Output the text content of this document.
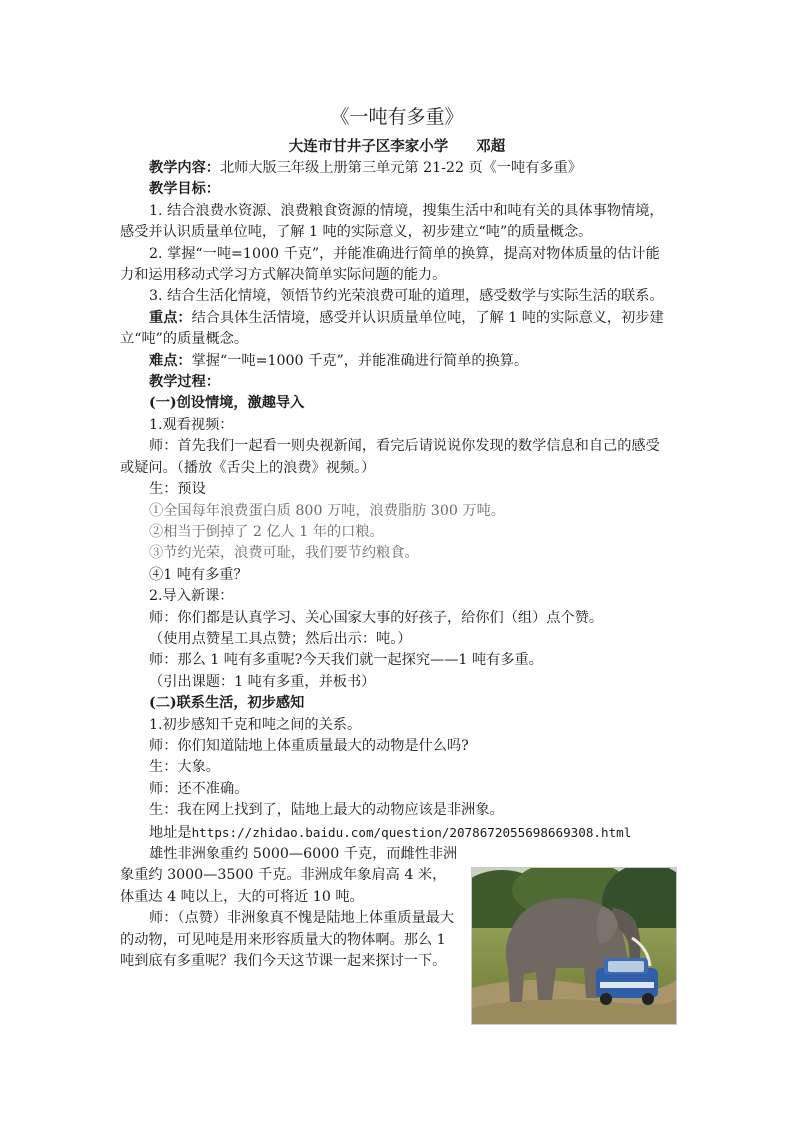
《一吨有多重》
大连市甘井子区李家小学 邓超

教学内容：北师大版三年级上册第三单元第 21-22 页《一吨有多重》

教学目标：

1. 结合浪费水资源、浪费粮食资源的情境，搜集生活中和吨有关的具体事物情境，感受并认识质量单位吨，了解 1 吨的实际意义，初步建立“吨”的质量概念。

2. 掌握“一吨=1000 千克”，并能准确进行简单的换算，提高对物体质量的估计能力和运用移动式学习方式解决简单实际问题的能力。

3. 结合生活化情境，领悟节约光荣浪费可耻的道理，感受数学与实际生活的联系。

重点：结合具体生活情境，感受并认识质量单位吨，了解 1 吨的实际意义，初步建立“吨”的质量概念。

难点：掌握“一吨=1000 千克”，并能准确进行简单的换算。

教学过程：

(一)创设情境，激趣导入

1.观看视频：

师：首先我们一起看一则央视新闻，看完后请说说你发现的数学信息和自己的感受或疑问。（播放《舌尖上的浪费》视频。）

生：预设

①全国每年浪费蛋白质 800 万吨，浪费脂肪 300 万吨。

②相当于倒掉了 2 亿人 1 年的口粮。

③节约光荣，浪费可耻，我们要节约粮食。

④1 吨有多重？

2.导入新课：

师：你们都是认真学习、关心国家大事的好孩子，给你们（组）点个赞。

（使用点赞星工具点赞；然后出示：吨。）

师：那么 1 吨有多重呢?今天我们就一起探究——1 吨有多重。

（引出课题：1 吨有多重，并板书）

(二)联系生活，初步感知

1.初步感知千克和吨之间的关系。

师：你们知道陆地上体重质量最大的动物是什么吗?

生：大象。

师：还不准确。

生：我在网上找到了，陆地上最大的动物应该是非洲象。

地址是https://zhidao.baidu.com/question/2078672055698669308.html

雄性非洲象重约 5000—6000 千克，而雌性非洲象重约 3000—3500 千克。非洲成年象肩高 4 米，体重达 4 吨以上，大的可将近 10 吨。

师：（点赞）非洲象真不愧是陆地上体重质量最大的动物，可见吨是用来形容质量大的物体啊。那么 1 吨到底有多重呢？我们今天这节课一起来探讨一下。
